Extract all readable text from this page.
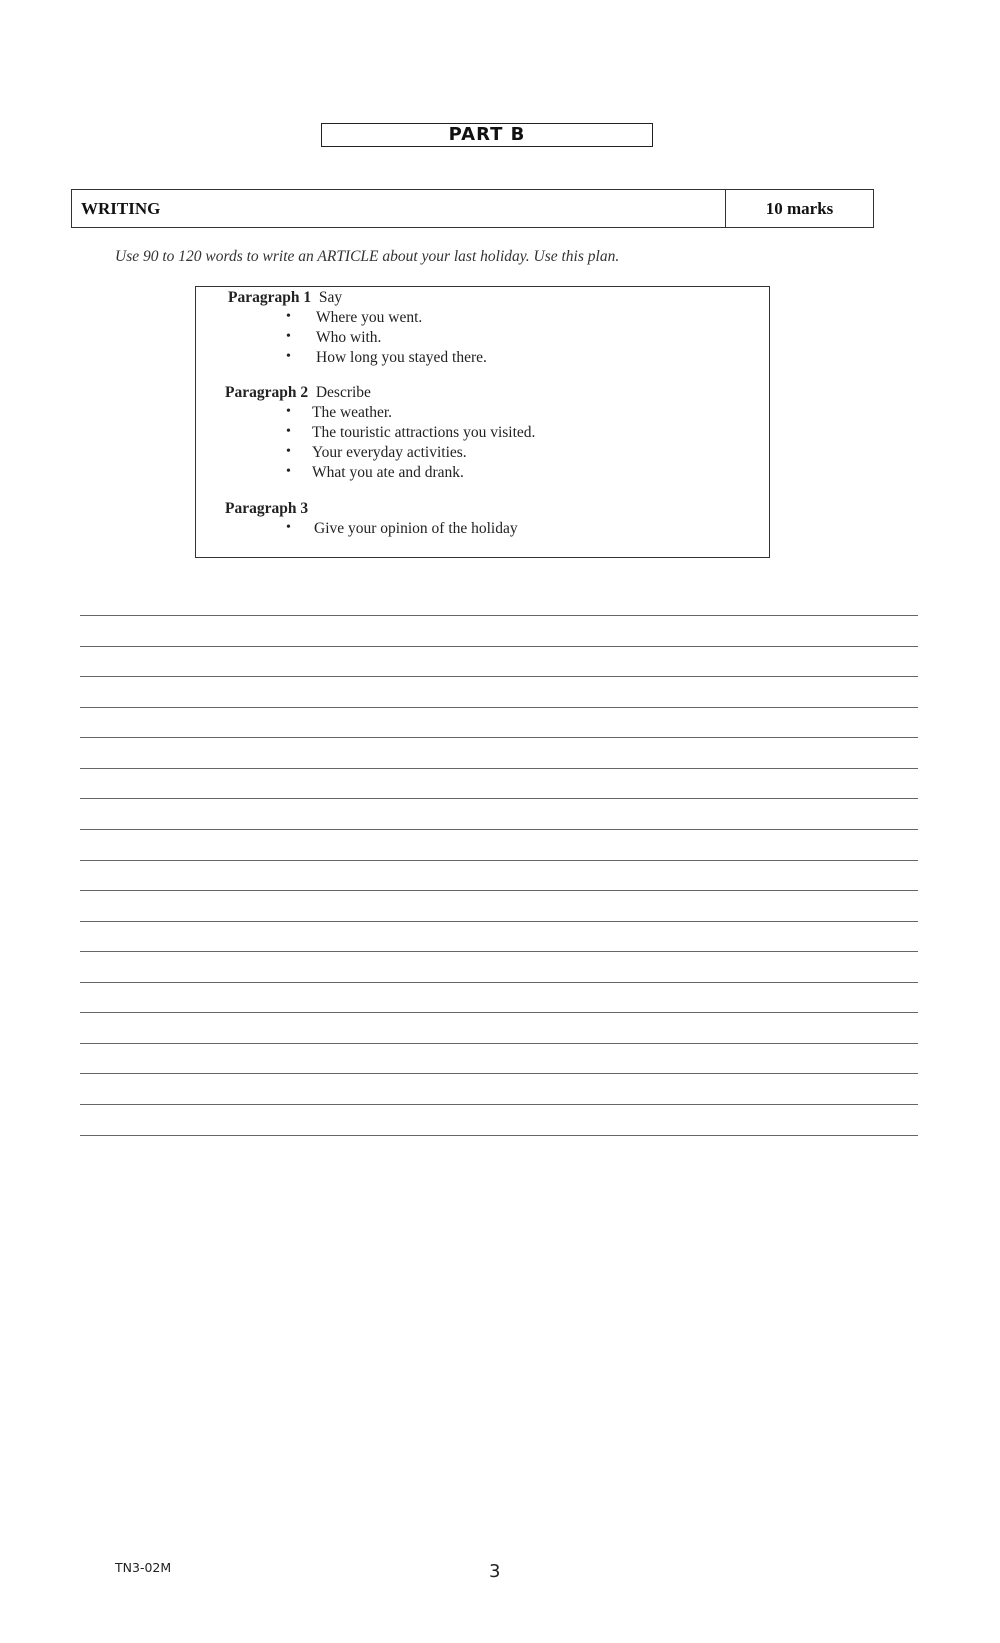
PART B
WRITING	10 marks
Use 90 to 120 words to write an ARTICLE about your last holiday. Use this plan.
Paragraph 1 Say
• Where you went.
• Who with.
• How long you stayed there.
Paragraph 2 Describe
• The weather.
• The touristic attractions you visited.
• Your everyday activities.
• What you ate and drank.
Paragraph 3
• Give your opinion of the holiday
TN3-02M	3
